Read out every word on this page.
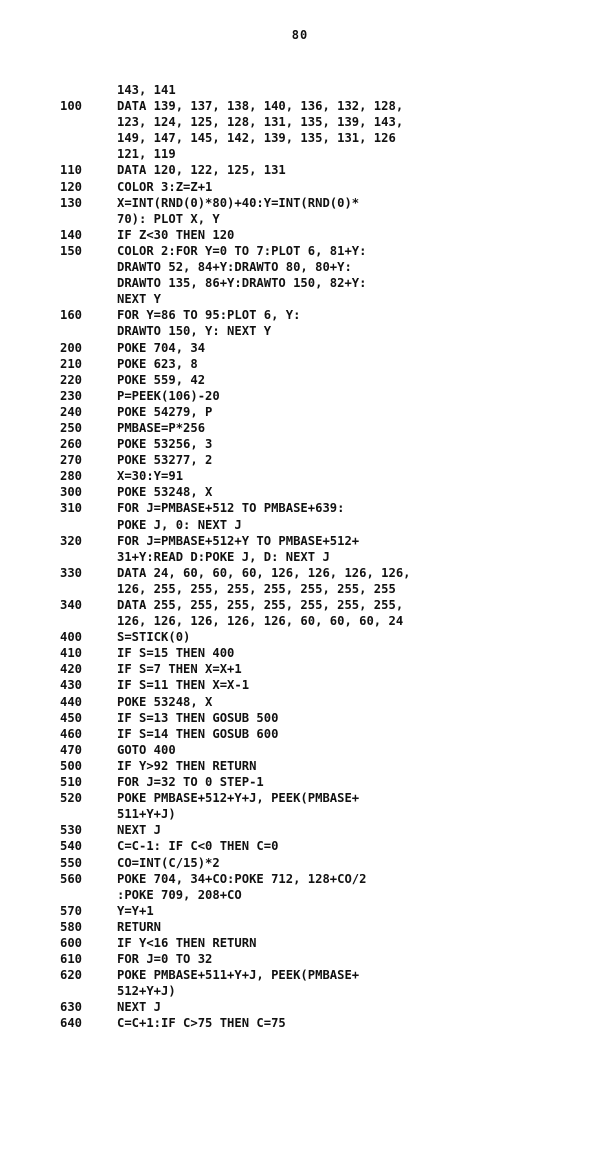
80
143, 141
100	DATA 139, 137, 138, 140, 136, 132, 128,
123, 124, 125, 128, 131, 135, 139, 143,
149, 147, 145, 142, 139, 135, 131, 126
121, 119
110	DATA 120, 122, 125, 131
120	COLOR 3:Z=Z+1
130	X=INT(RND(0)*80)+40:Y=INT(RND(0)*
70): PLOT X, Y
140	IF Z<30 THEN 120
150	COLOR 2:FOR Y=0 TO 7:PLOT 6, 81+Y:
DRAWTO 52, 84+Y:DRAWTO 80, 80+Y:
DRAWTO 135, 86+Y:DRAWTO 150, 82+Y:
NEXT Y
160	FOR Y=86 TO 95:PLOT 6, Y:
DRAWTO 150, Y: NEXT Y
200	POKE 704, 34
210	POKE 623, 8
220	POKE 559, 42
230	P=PEEK(106)-20
240	POKE 54279, P
250	PMBASE=P*256
260	POKE 53256, 3
270	POKE 53277, 2
280	X=30:Y=91
300	POKE 53248, X
310	FOR J=PMBASE+512 TO PMBASE+639:
POKE J, 0: NEXT J
320	FOR J=PMBASE+512+Y TO PMBASE+512+
31+Y:READ D:POKE J, D: NEXT J
330	DATA 24, 60, 60, 60, 126, 126, 126, 126,
126, 255, 255, 255, 255, 255, 255, 255
340	DATA 255, 255, 255, 255, 255, 255, 255,
126, 126, 126, 126, 126, 60, 60, 60, 24
400	S=STICK(0)
410	IF S=15 THEN 400
420	IF S=7 THEN X=X+1
430	IF S=11 THEN X=X-1
440	POKE 53248, X
450	IF S=13 THEN GOSUB 500
460	IF S=14 THEN GOSUB 600
470	GOTO 400
500	IF Y>92 THEN RETURN
510	FOR J=32 TO 0 STEP-1
520	POKE PMBASE+512+Y+J, PEEK(PMBASE+
511+Y+J)
530	NEXT J
540	C=C-1: IF C<0 THEN C=0
550	CO=INT(C/15)*2
560	POKE 704, 34+CO:POKE 712, 128+CO/2
:POKE 709, 208+CO
570	Y=Y+1
580	RETURN
600	IF Y<16 THEN RETURN
610	FOR J=0 TO 32
620	POKE PMBASE+511+Y+J, PEEK(PMBASE+
512+Y+J)
630	NEXT J
640	C=C+1:IF C>75 THEN C=75
